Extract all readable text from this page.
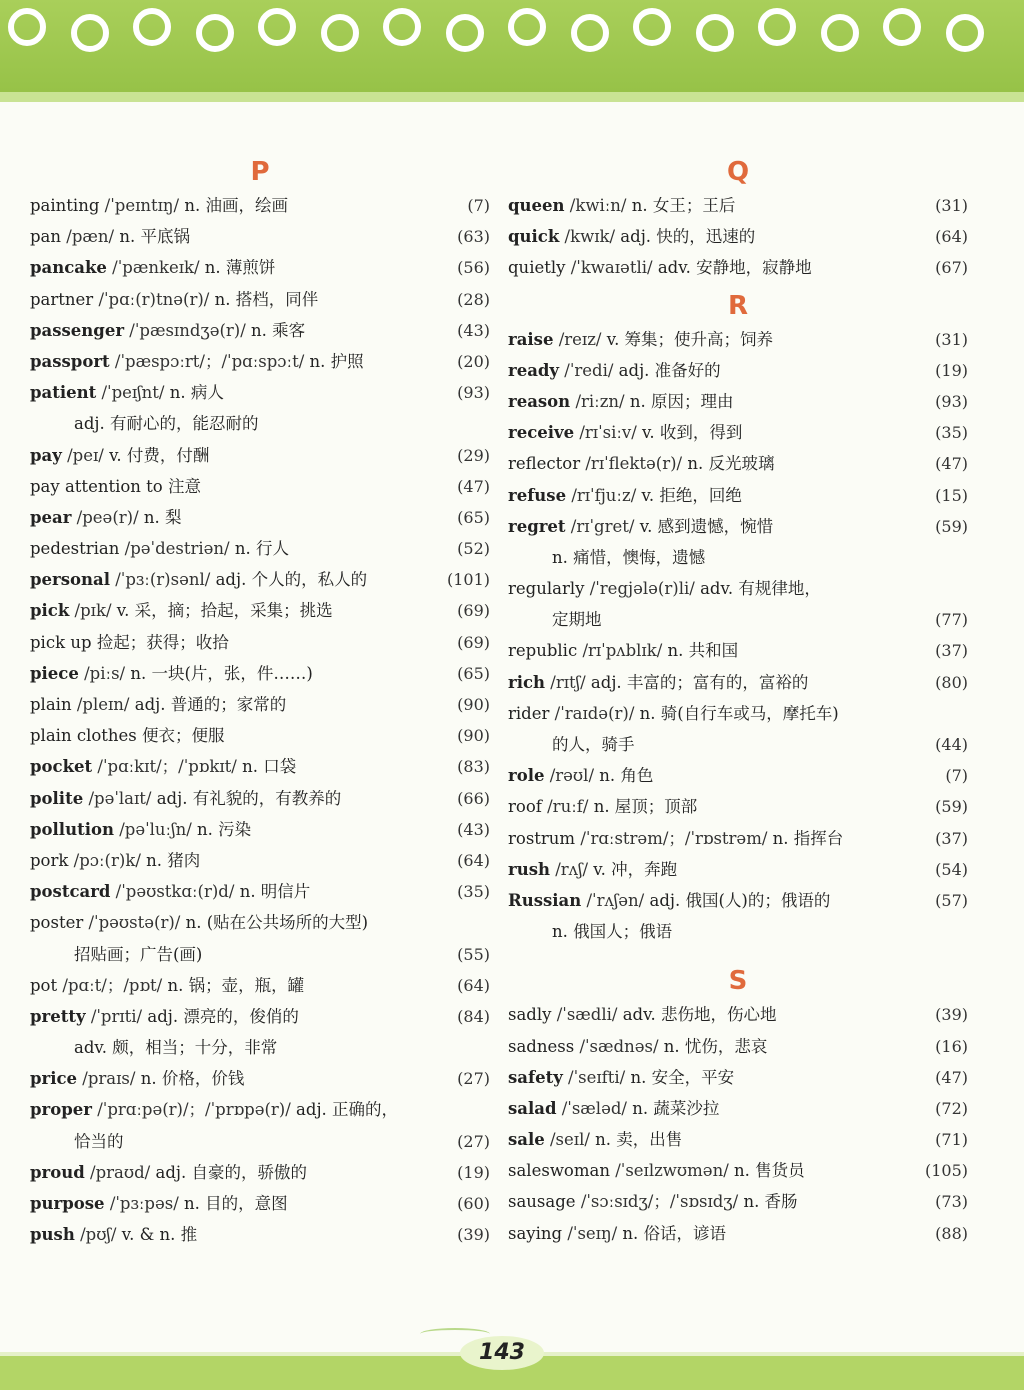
P
painting /ˈpeɪntɪŋ/ n. 油画，绘画	(7)
pan /pæn/ n. 平底锅	(63)
pancake /ˈpænkeɪk/ n. 薄煎饼	(56)
partner /ˈpɑː(r)tnə(r)/ n. 搭档，同伴	(28)
passenger /ˈpæsɪndʒə(r)/ n. 乘客	(43)
passport /ˈpæspɔːrt/；/ˈpɑːspɔːt/ n. 护照	(20)
patient /ˈpeɪʃnt/ n. 病人	(93)
adj. 有耐心的，能忍耐的
pay /peɪ/ v. 付费，付酬	(29)
pay attention to 注意	(47)
pear /peə(r)/ n. 梨	(65)
pedestrian /pəˈdestriən/ n. 行人	(52)
personal /ˈpɜː(r)sənl/ adj. 个人的，私人的	(101)
pick /pɪk/ v. 采，摘；拾起，采集；挑选	(69)
pick up 捡起；获得；收拾	(69)
piece /piːs/ n. 一块(片，张，件……)	(65)
plain /pleɪn/ adj. 普通的；家常的	(90)
plain clothes 便衣；便服	(90)
pocket /ˈpɑːkɪt/；/ˈpɒkɪt/ n. 口袋	(83)
polite /pəˈlaɪt/ adj. 有礼貌的，有教养的	(66)
pollution /pəˈluːʃn/ n. 污染	(43)
pork /pɔː(r)k/ n. 猪肉	(64)
postcard /ˈpəʊstkɑː(r)d/ n. 明信片	(35)
poster /ˈpəʊstə(r)/ n. (贴在公共场所的大型)
招贴画；广告(画)	(55)
pot /pɑːt/；/pɒt/ n. 锅；壶，瓶，罐	(64)
pretty /ˈprɪti/ adj. 漂亮的，俊俏的	(84)
adv. 颇，相当；十分，非常
price /praɪs/ n. 价格，价钱	(27)
proper /ˈprɑːpə(r)/；/ˈprɒpə(r)/ adj. 正确的，
恰当的	(27)
proud /praʊd/ adj. 自豪的，骄傲的	(19)
purpose /ˈpɜːpəs/ n. 目的，意图	(60)
push /pʊʃ/ v. & n. 推	(39)
Q
queen /kwiːn/ n. 女王；王后	(31)
quick /kwɪk/ adj. 快的，迅速的	(64)
quietly /ˈkwaɪətli/ adv. 安静地，寂静地	(67)
R
raise /reɪz/ v. 筹集；使升高；饲养	(31)
ready /ˈredi/ adj. 准备好的	(19)
reason /riːzn/ n. 原因；理由	(93)
receive /rɪˈsiːv/ v. 收到，得到	(35)
reflector /rɪˈflektə(r)/ n. 反光玻璃	(47)
refuse /rɪˈfjuːz/ v. 拒绝，回绝	(15)
regret /rɪˈgret/ v. 感到遗憾，惋惜	(59)
n. 痛惜，懊悔，遗憾
regularly /ˈregjələ(r)li/ adv. 有规律地，
定期地	(77)
republic /rɪˈpʌblɪk/ n. 共和国	(37)
rich /rɪtʃ/ adj. 丰富的；富有的，富裕的	(80)
rider /ˈraɪdə(r)/ n. 骑(自行车或马，摩托车)
的人，骑手	(44)
role /rəʊl/ n. 角色	(7)
roof /ruːf/ n. 屋顶；顶部	(59)
rostrum /ˈrɑːstrəm/；/ˈrɒstrəm/ n. 指挥台	(37)
rush /rʌʃ/ v. 冲，奔跑	(54)
Russian /ˈrʌʃən/ adj. 俄国(人)的；俄语的	(57)
n. 俄国人；俄语
S
sadly /ˈsædli/ adv. 悲伤地，伤心地	(39)
sadness /ˈsædnəs/ n. 忧伤，悲哀	(16)
safety /ˈseɪfti/ n. 安全，平安	(47)
salad /ˈsæləd/ n. 蔬菜沙拉	(72)
sale /seɪl/ n. 卖，出售	(71)
saleswoman /ˈseɪlzwʊmən/ n. 售货员	(105)
sausage /ˈsɔːsɪdʒ/；/ˈsɒsɪdʒ/ n. 香肠	(73)
saying /ˈseɪŋ/ n. 俗话，谚语	(88)
143
